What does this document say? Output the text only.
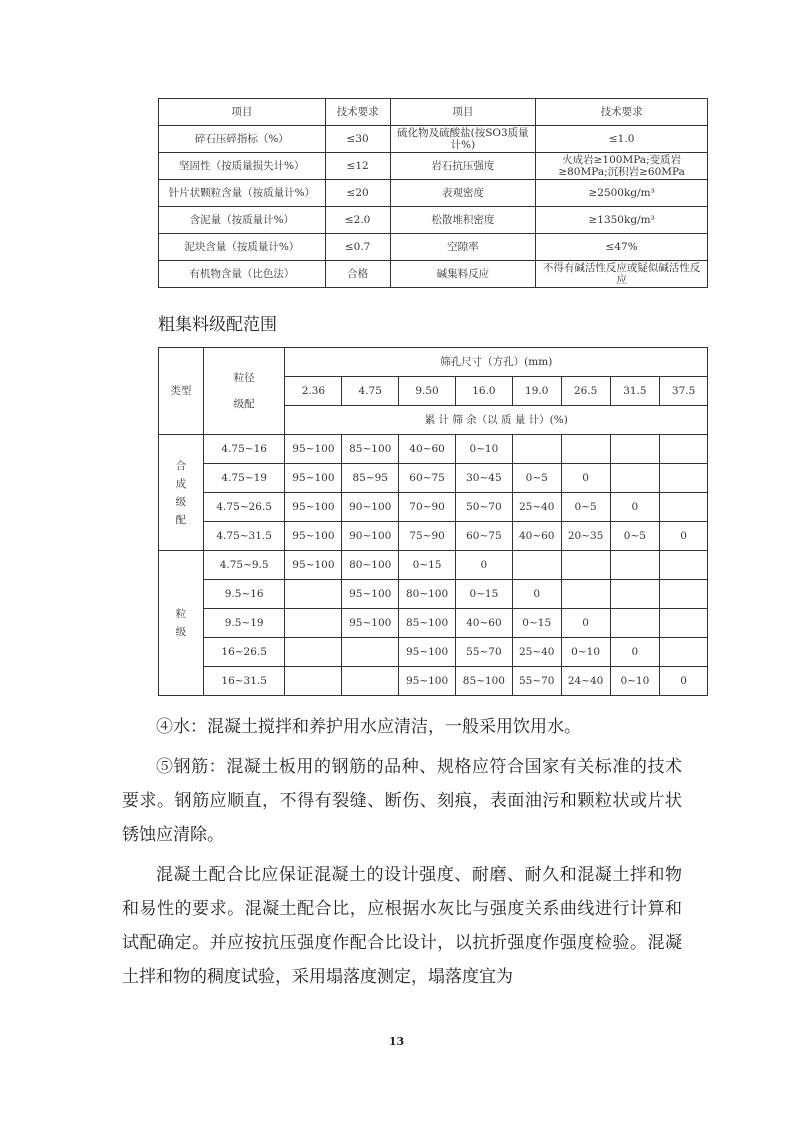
项目	技术要求	项目	技术要求
碎石压碎指标（%）	≤30	硫化物及硫酸盐(按SO3质量计%)	≤1.0
坚固性（按质量损失计%）	≤12	岩石抗压强度	火成岩≥100MPa;变质岩≥80MPa;沉积岩≥60MPa
针片状颗粒含量（按质量计%）	≤20	表观密度	≥2500kg/m³
含泥量（按质量计%）	≤2.0	松散堆积密度	≥1350kg/m³
泥块含量（按质量计%）	≤0.7	空隙率	≤47%
有机物含量（比色法）	合格	碱集料反应	不得有碱活性反应或疑似碱活性反应
粗集料级配范围
类型	粒径
级配	筛孔尺寸（方孔）(mm)							
		2.36	4.75	9.50	16.0	19.0	26.5	31.5	37.5
		累 计 筛 余（以 质 量 计）(%)							
合成级配	4.75~16	95~100	85~100	40~60	0~10				
	4.75~19	95~100	85~95	60~75	30~45	0~5	0		
	4.75~26.5	95~100	90~100	70~90	50~70	25~40	0~5	0	
	4.75~31.5	95~100	90~100	75~90	60~75	40~60	20~35	0~5	0
粒级	4.75~9.5	95~100	80~100	0~15	0				
	9.5~16		95~100	80~100	0~15	0			
	9.5~19		95~100	85~100	40~60	0~15	0		
	16~26.5			95~100	55~70	25~40	0~10	0	
	16~31.5			95~100	85~100	55~70	24~40	0~10	0

④水：混凝土搅拌和养护用水应清洁，一般采用饮用水。

⑤钢筋：混凝土板用的钢筋的品种、规格应符合国家有关标准的技术要求。钢筋应顺直，不得有裂缝、断伤、刻痕，表面油污和颗粒状或片状锈蚀应清除。

混凝土配合比应保证混凝土的设计强度、耐磨、耐久和混凝土拌和物和易性的要求。混凝土配合比，应根据水灰比与强度关系曲线进行计算和试配确定。并应按抗压强度作配合比设计，以抗折强度作强度检验。混凝土拌和物的稠度试验，采用塌落度测定，塌落度宜为

13
